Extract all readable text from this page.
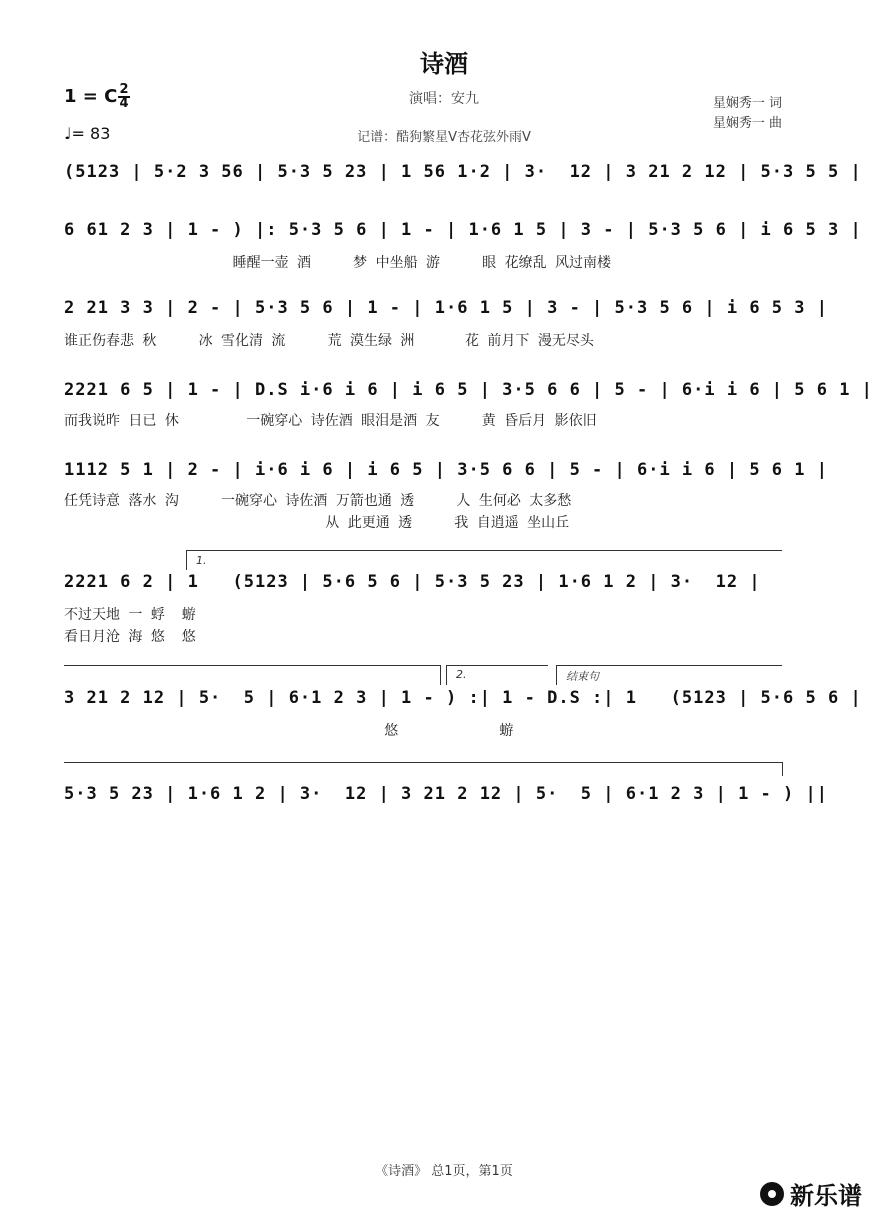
诗酒
演唱：安九
1 = C 2
4
♩= 83
星娴秀一 词
星娴秀一 曲
记谱：酷狗繁星V杏花弦外雨V
(5123 | 5·2 3 56 | 5·3 5 23 | 1 56 1·2 | 3·  12 | 3 21 2 12 | 5·3 5 5 |
6 61 2 3 | 1 - ) |: 5·3 5 6 | 1 - | 1·6 1 5 | 3 - | 5·3 5 6 | i 6 5 3 |
睡醒一壶 酒     梦 中坐船 游     眼 花缭乱 风过南楼
2 21 3 3 | 2 - | 5·3 5 6 | 1 - | 1·6 1 5 | 3 - | 5·3 5 6 | i 6 5 3 |
谁正伤春悲 秋     冰 雪化清 流     荒 漠生绿 洲      花 前月下 漫无尽头
2221 6 5 | 1 - | D.S i·6 i 6 | i 6 5 | 3·5 6 6 | 5 - | 6·i i 6 | 5 6 1 |
而我说昨 日已 休        一碗穿心 诗佐酒 眼泪是酒 友     黄 昏后月 影依旧
1112 5 1 | 2 - | i·6 i 6 | i 6 5 | 3·5 6 6 | 5 - | 6·i i 6 | 5 6 1 |
任凭诗意 落水 沟     一碗穿心 诗佐酒 万箭也通 透     人 生何必 太多愁
从 此更通 透     我 自逍遥 坐山丘
1.
2221 6 2 | 1   (5123 | 5·6 5 6 | 5·3 5 23 | 1·6 1 2 | 3·  12 |
不过天地 一 蜉  蝣
看日月沧 海 悠  悠
2.	结束句
3 21 2 12 | 5·  5 | 6·1 2 3 | 1 - ) :| 1 - D.S :| 1   (5123 | 5·6 5 6 |
悠            蝣
5·3 5 23 | 1·6 1 2 | 3·  12 | 3 21 2 12 | 5·  5 | 6·1 2 3 | 1 - ) ||
《诗酒》 总1页，第1页
新乐谱
